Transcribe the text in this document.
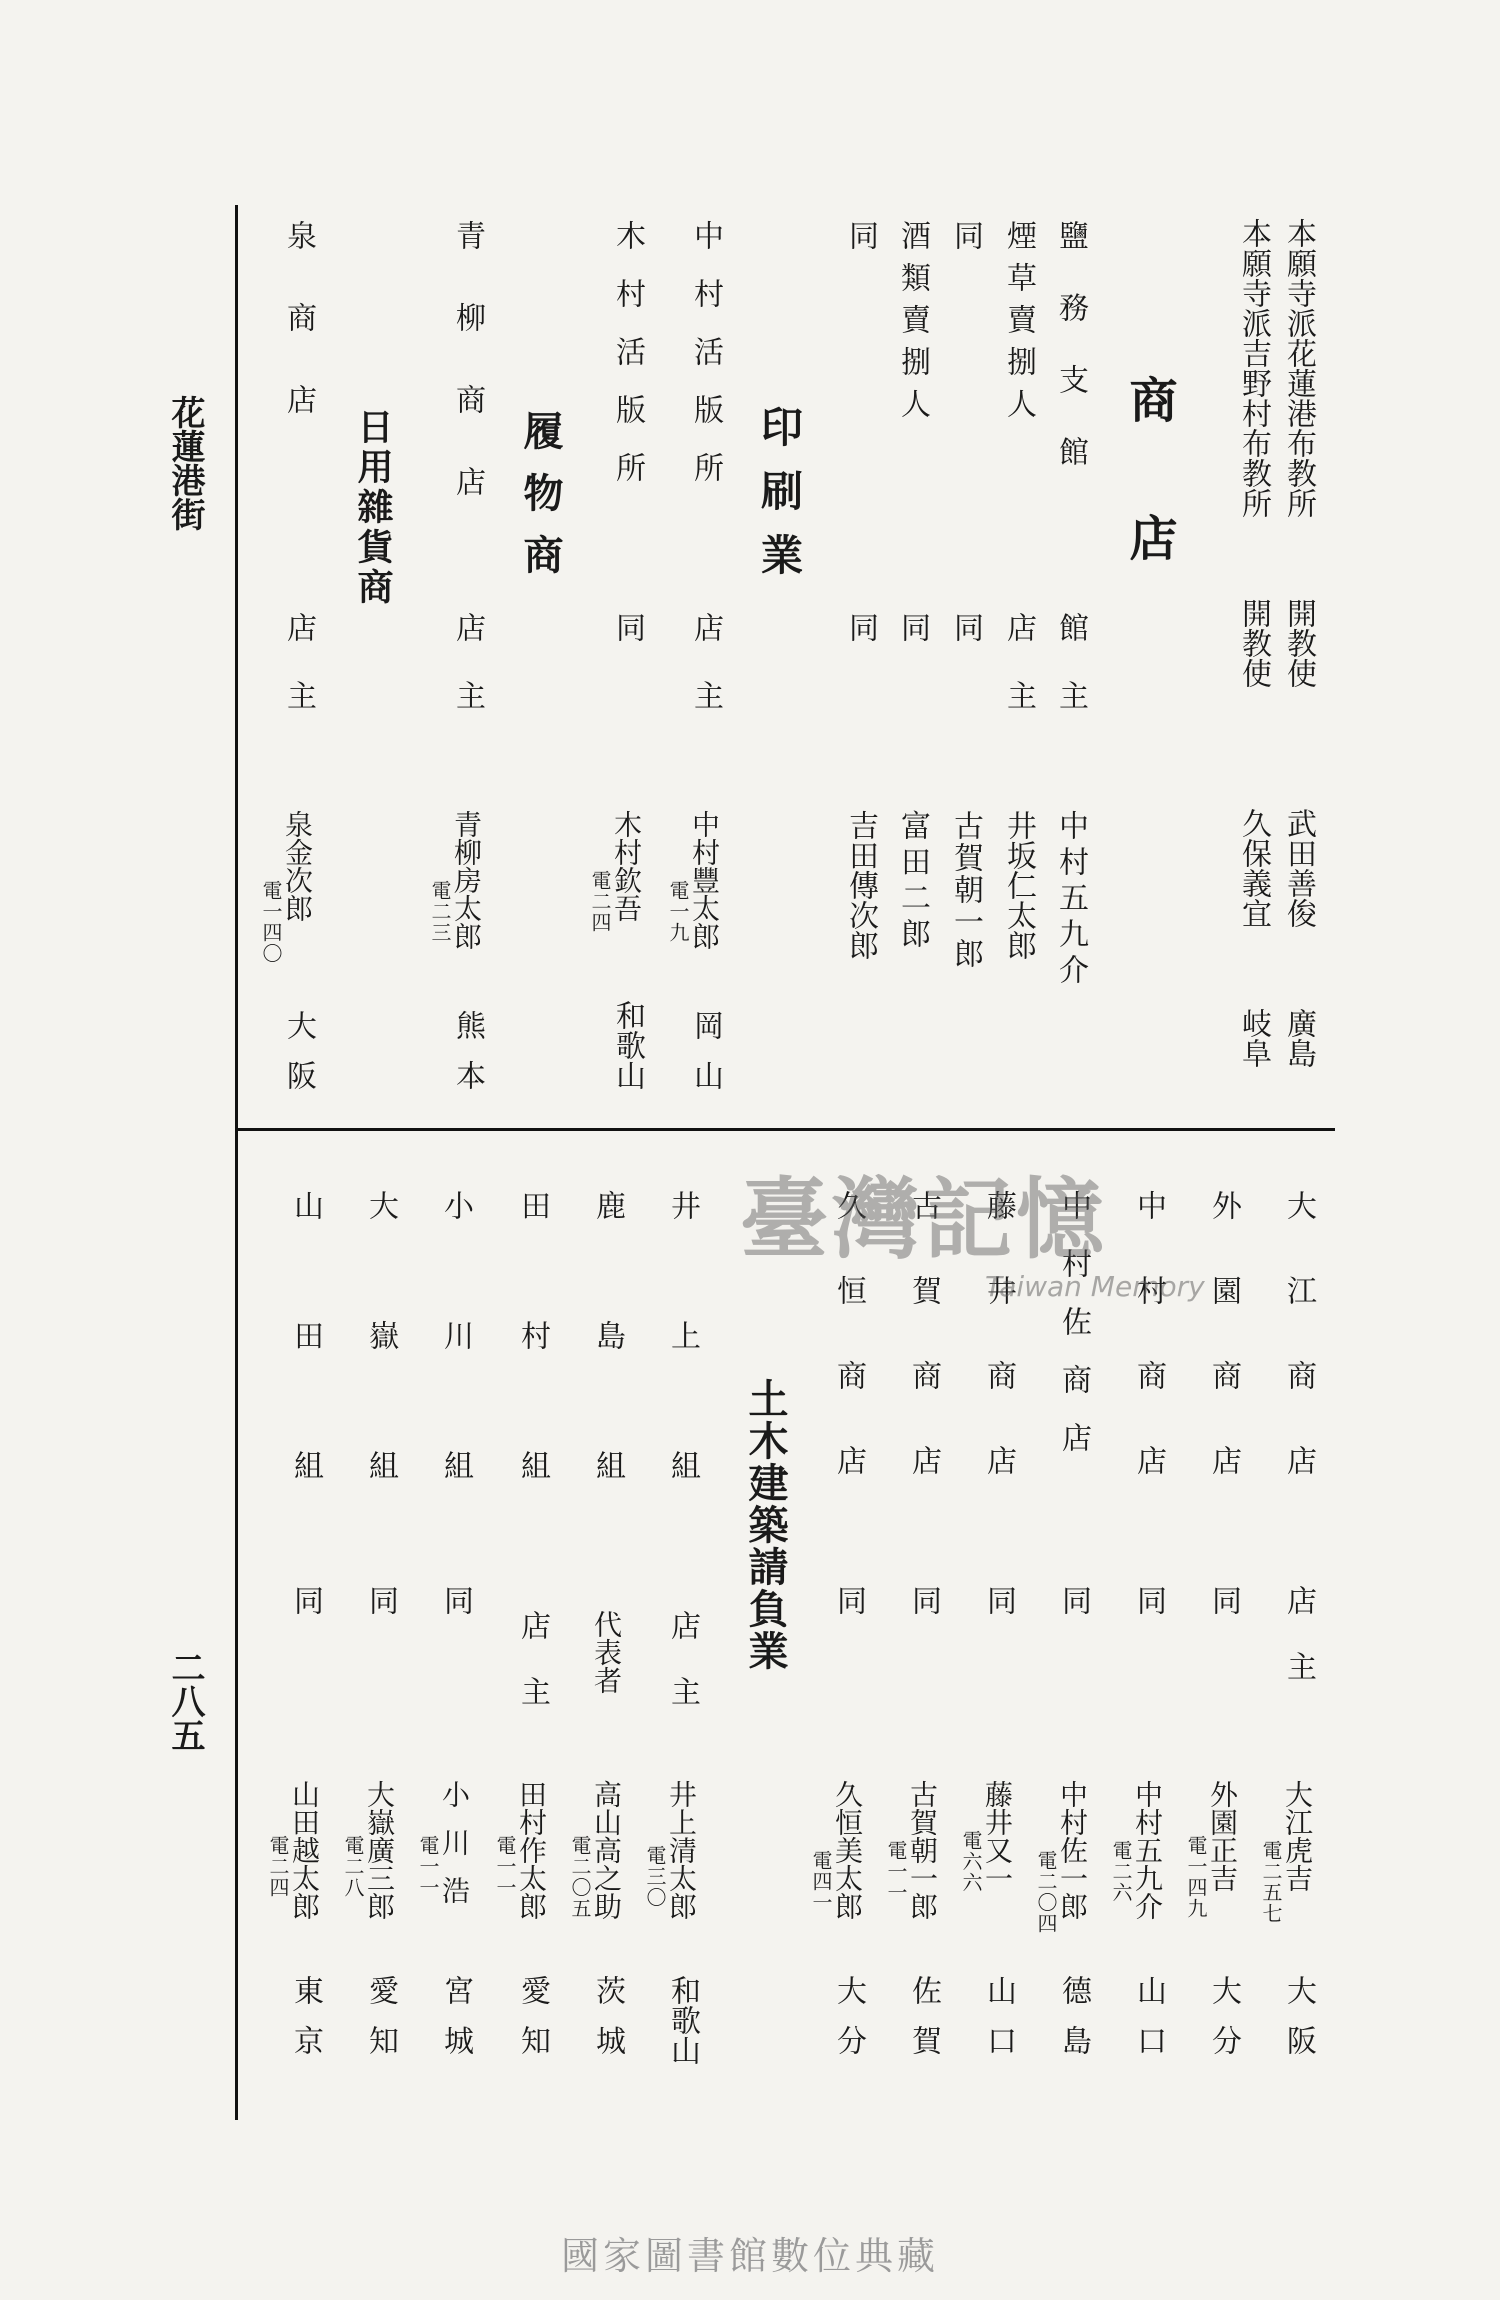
花蓮港街
二八五
本願寺派花蓮港布教所
開教使
武田善俊
廣島
本願寺派吉野村布教所
開教使
久保義宜
岐阜
商店
鹽務支館
館主
中村五九介
煙草賣捌人
店主
井坂仁太郎
同
同
古賀朝一郎
酒類賣捌人
同
富田二郎
同
同
吉田傳次郎
印刷業
中村活版所
店主
中村豐太郎
電一九
岡山
木村活版所
同
木村欽吾
電二四
和歌山
履物商
青柳商店
店主
青柳房太郎
電二三
熊本
日用雜貨商
泉商店
店主
泉金次郎
電一四〇
大阪
大江商店
店主
大江虎吉
電二五七
大阪
外園商店
同
外園正吉
電一四九
大分
中村商店
同
中村五九介
電二六
山口
中村佐商店
同
中村佐一郎
電二〇四
德島
藤井商店
同
藤井又一
電六六
山口
古賀商店
同
古賀朝一郎
電一一
佐賀
久恒商店
同
久恒美太郎
電四一
大分
土木建築請負業
井上組
店主
井上清太郎
電三〇
和歌山
鹿島組
代表者
高山高之助
電二〇五
茨城
田村組
店主
田村作太郎
電一一
愛知
小川組
同
小川浩
電一一
宮城
大嶽組
同
大嶽廣三郎
電二八
愛知
山田組
同
山田越太郎
電二四
東京
臺灣記憶
Taiwan Memory
國家圖書館數位典藏
